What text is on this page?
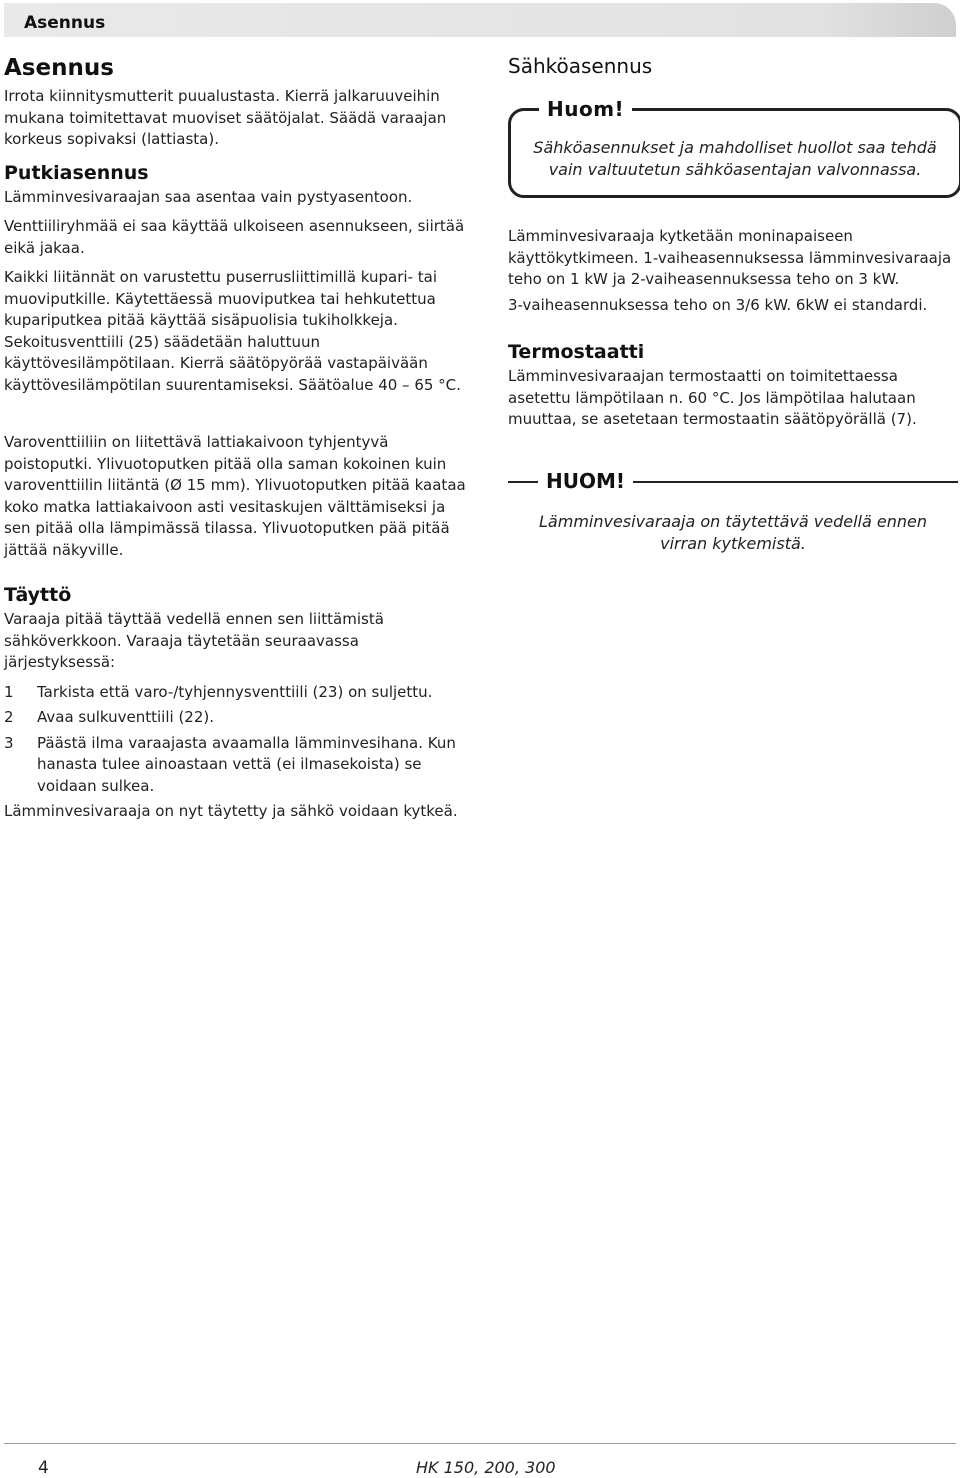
Asennus
Asennus

Irrota kiinnitysmutterit puualustasta. Kierrä jalkaruuveihin mukana toimitettavat muoviset säätöjalat. Säädä varaajan korkeus sopivaksi (lattiasta).

Putkiasennus

Lämminvesivaraajan saa asentaa vain pystyasentoon.

Venttiiliryhmää ei saa käyttää ulkoiseen asennukseen, siirtää eikä jakaa.

Kaikki liitännät on varustettu puserrusliittimillä kupari- tai muoviputkille. Käytettäessä muoviputkea tai hehkutettua kupariputkea pitää käyttää sisäpuolisia tukiholkkeja. Sekoitusventtiili (25) säädetään haluttuun käyttövesilämpötilaan. Kierrä säätöpyörää vastapäivään käyttövesilämpötilan suurentamiseksi. Säätöalue 40 – 65 °C.

Varoventtiiliin on liitettävä lattiakaivoon tyhjentyvä poistoputki. Ylivuotoputken pitää olla saman kokoinen kuin varoventtiilin liitäntä (Ø 15 mm). Ylivuotoputken pitää kaataa koko matka lattiakaivoon asti vesitaskujen välttämiseksi ja sen pitää olla lämpimässä tilassa. Ylivuotoputken pää pitää jättää näkyville.

Täyttö

Varaaja pitää täyttää vedellä ennen sen liittämistä sähköverkkoon. Varaaja täytetään seuraavassa järjestyksessä:

1	Tarkista että varo-/tyhjennysventtiili (23) on suljettu.
2	Avaa sulkuventtiili (22).
3	Päästä ilma varaajasta avaamalla lämminvesihana. Kun hanasta tulee ainoastaan vettä (ei ilmasekoista) se voidaan sulkea.

Lämminvesivaraaja on nyt täytetty ja sähkö voidaan kytkeä.

Sähköasennus
Huom!
Sähköasennukset ja mahdolliset huollot saa tehdä vain valtuutetun sähköasentajan valvonnassa.

Lämminvesivaraaja kytketään moninapaiseen käyttökytkimeen. 1-vaiheasennuksessa lämminvesivaraaja teho on 1 kW ja 2-vaiheasennuksessa teho on 3 kW.

3-vaiheasennuksessa teho on 3/6 kW. 6kW ei standardi.

Termostaatti

Lämminvesivaraajan termostaatti on toimitettaessa asetettu lämpötilaan n. 60 °C. Jos lämpötilaa halutaan muuttaa, se asetetaan termostaatin säätöpyörällä (7).

HUOM!
Lämminvesivaraaja on täytettävä vedellä ennen virran kytkemistä.
4	HK 150, 200, 300
